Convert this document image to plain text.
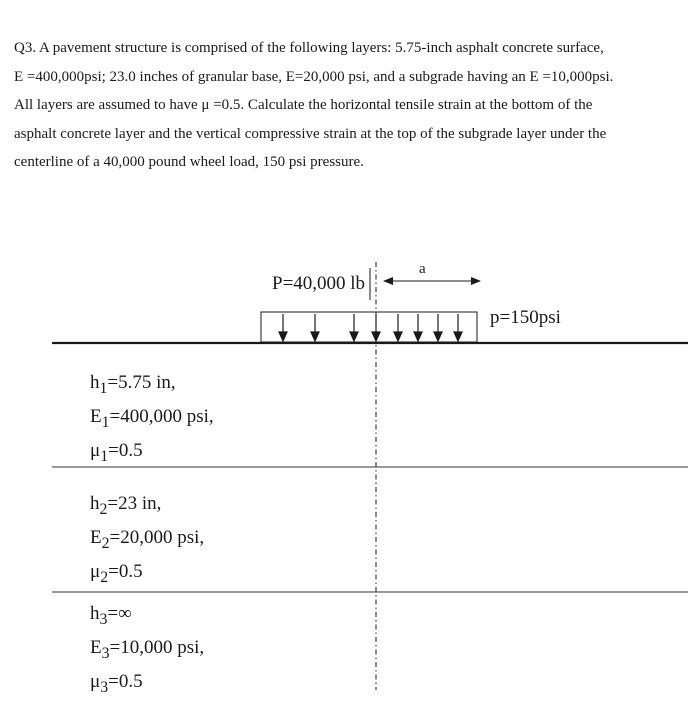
Q3. A pavement structure is comprised of the following layers: 5.75-inch asphalt concrete surface,
E =400,000psi; 23.0 inches of granular base, E=20,000 psi, and a subgrade having an E =10,000psi.
All layers are assumed to have μ =0.5. Calculate the horizontal tensile strain at the bottom of the
asphalt concrete layer and the vertical compressive strain at the top of the subgrade layer under the
centerline of a 40,000 pound wheel load, 150 psi pressure.

P=40,000 lb
a
p=150psi
$h_1=5.75$ in,
$E_1=400,000$ psi,
$\mu_1=0.5$
$h_2=23$ in,
$E_2=20,000$ psi,
$\mu_2=0.5$
$h_3=\infty$
$E_3=10,000$ psi,
$\mu_3=0.5$
